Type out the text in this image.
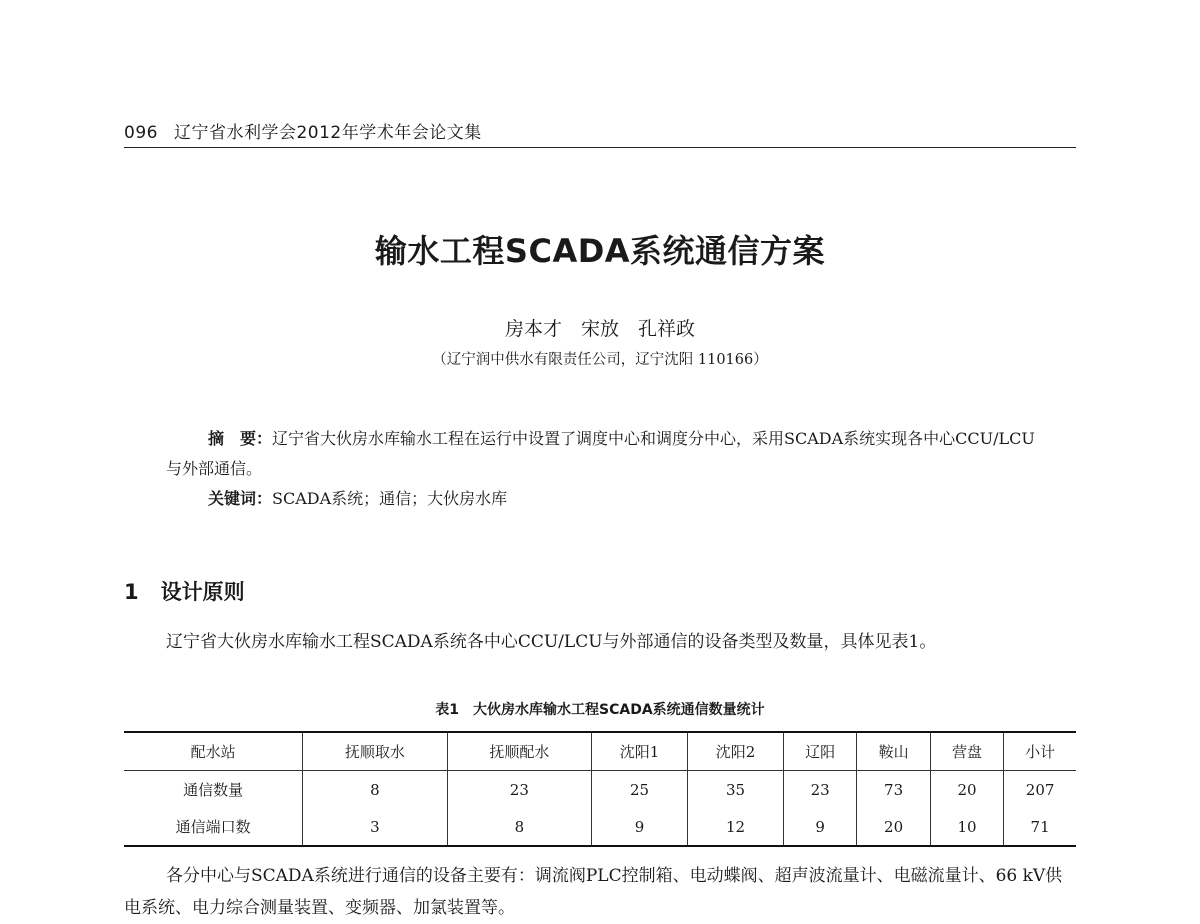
096 辽宁省水利学会2012年学术年会论文集
输水工程SCADA系统通信方案
房本才　宋放　孔祥政
（辽宁润中供水有限责任公司，辽宁沈阳 110166）

摘　要：辽宁省大伙房水库输水工程在运行中设置了调度中心和调度分中心，采用SCADA系统实现各中心CCU/LCU与外部通信。

关键词：SCADA系统；通信；大伙房水库

1 设计原则

辽宁省大伙房水库输水工程SCADA系统各中心CCU/LCU与外部通信的设备类型及数量，具体见表1。

表1　大伙房水库输水工程SCADA系统通信数量统计
配水站	抚顺取水	抚顺配水	沈阳1	沈阳2	辽阳	鞍山	营盘	小计
通信数量	8	23	25	35	23	73	20	207
通信端口数	3	8	9	12	9	20	10	71

各分中心与SCADA系统进行通信的设备主要有：调流阀PLC控制箱、电动蝶阀、超声波流量计、电磁流量计、66 kV供电系统、电力综合测量装置、变频器、加氯装置等。
